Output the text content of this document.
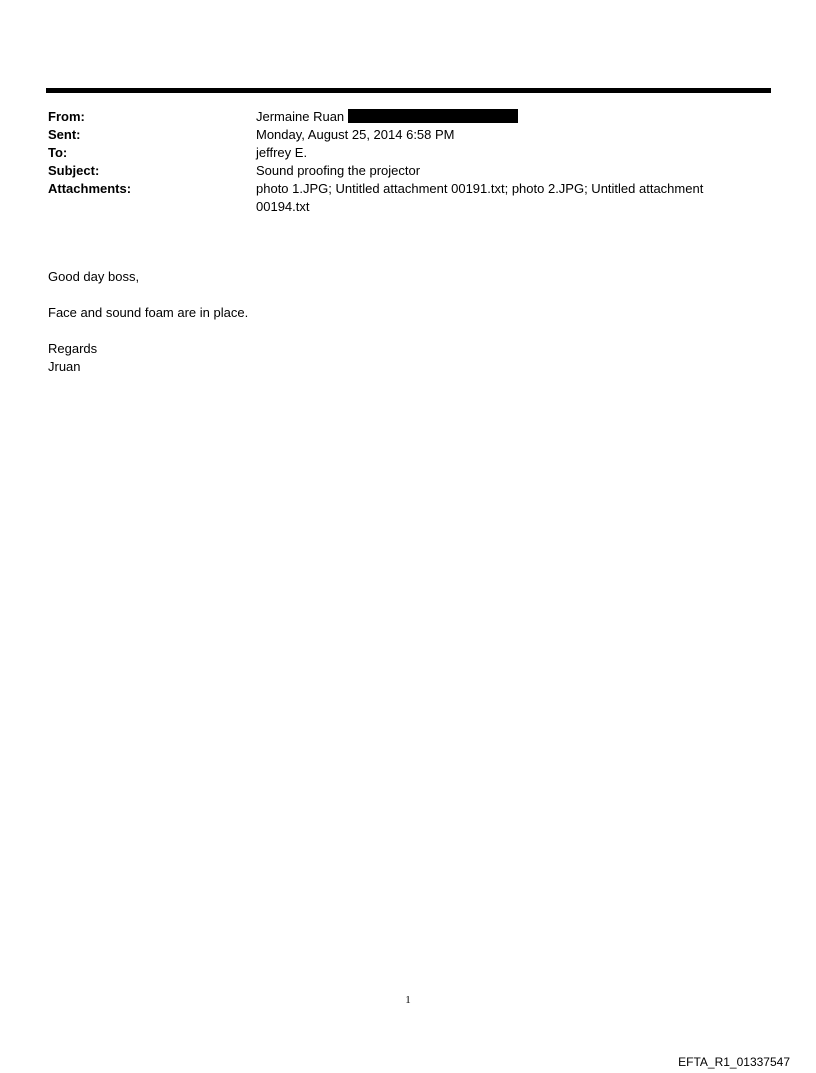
From:	Jermaine Ruan
Sent:	Monday, August 25, 2014 6:58 PM
To:	jeffrey E.
Subject:	Sound proofing the projector
Attachments:	photo 1.JPG; Untitled attachment 00191.txt; photo 2.JPG; Untitled attachment 00194.txt

Good day boss,

Face and sound foam are in place.

Regards

Jruan

1
EFTA_R1_01337547
